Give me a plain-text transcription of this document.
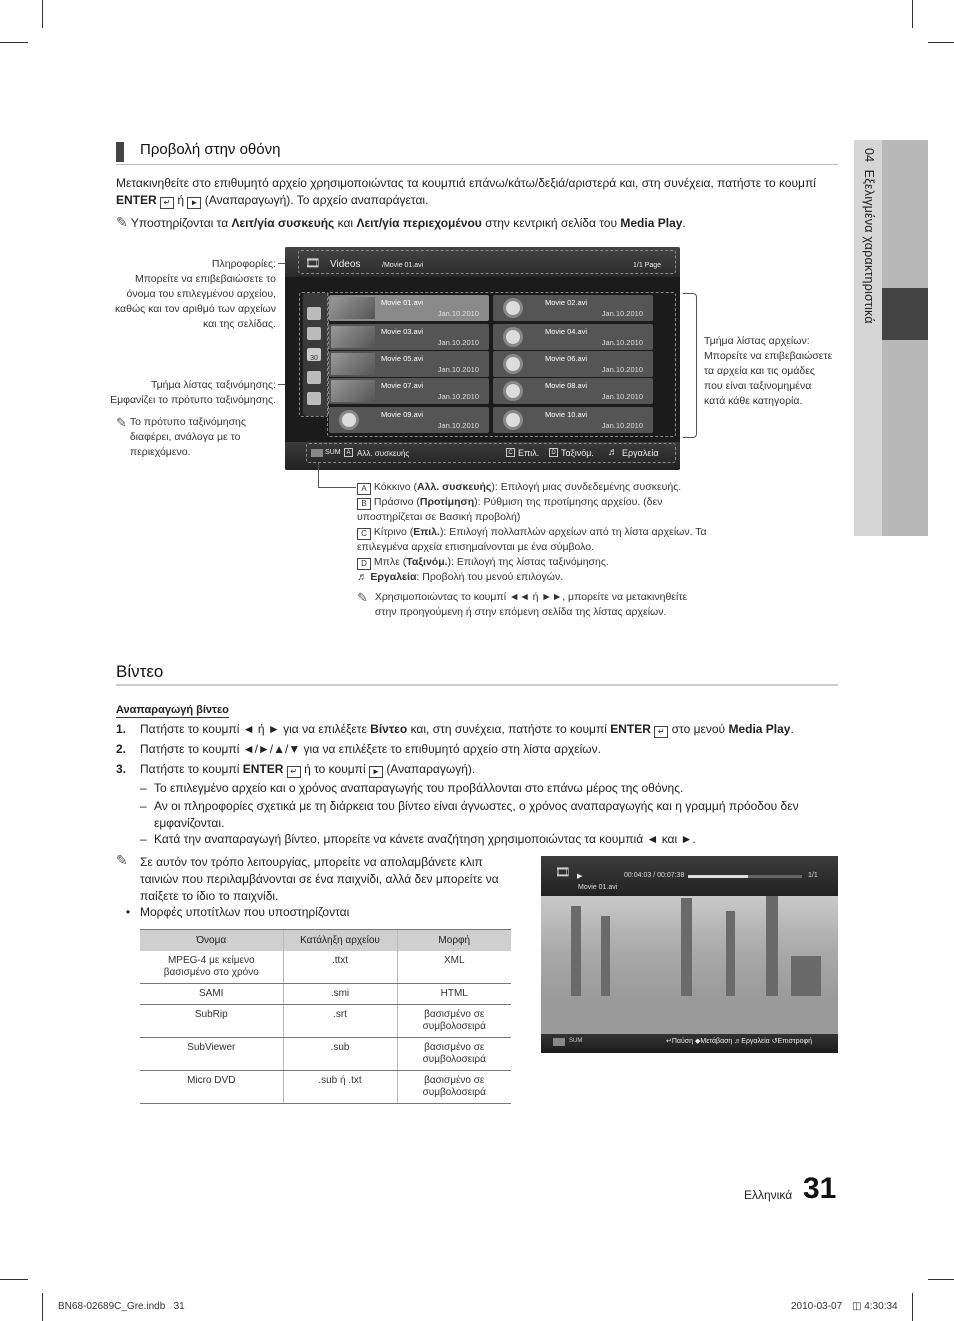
04  Εξελιγμένα χαρακτηριστικά
Προβολή στην οθόνη
Μετακινηθείτε στο επιθυμητό αρχείο χρησιμοποιώντας τα κουμπιά επάνω/κάτω/δεξιά/αριστερά και, στη συνέχεια, πατήστε το κουμπί
ENTER ↵ ή ► (Αναπαραγωγή). Το αρχείο αναπαράγεται.
✎ Υποστηρίζονται τα Λειτ/γία συσκευής και Λειτ/γία περιεχομένου στην κεντρική σελίδα του Media Play.
Πληροφορίες:
Μπορείτε να επιβεβαιώσετε το όνομα του επιλεγμένου αρχείου, καθώς και τον αριθμό των αρχείων και της σελίδας.
Τμήμα λίστας ταξινόμησης:
Εμφανίζει το πρότυπο ταξινόμησης.
✎ Το πρότυπο ταξινόμησης διαφέρει, ανάλογα με το περιεχόμενο.
Τμήμα λίστας αρχείων:
Μπορείτε να επιβεβαιώσετε τα αρχεία και τις ομάδες που είναι ταξινομημένα κατά κάθε κατηγορία.
🎞 Videos	/Movie 01.avi	1/1 Page
30
Movie 01.avi
Jan.10.2010
Movie 02.avi
Jan.10.2010
Movie 03.avi
Jan.10.2010
Movie 04.avi
Jan.10.2010
Movie 05.avi
Jan.10.2010
Movie 06.avi
Jan.10.2010
Movie 07.avi
Jan.10.2010
Movie 08.avi
Jan.10.2010
Movie 09.avi
Jan.10.2010
Movie 10.avi
Jan.10.2010
SUM A Αλλ. συσκευής	C Επιλ.	D Ταξινόμ. ♬ Εργαλεία
A Κόκκινο (Αλλ. συσκευής): Επιλογή μιας συνδεδεμένης συσκευής.
B Πράσινο (Προτίμηση): Ρύθμιση της προτίμησης αρχείου. (δεν υποστηρίζεται σε Βασική προβολή)
C Κίτρινο (Επιλ.): Επιλογή πολλαπλών αρχείων από τη λίστα αρχείων. Τα επιλεγμένα αρχεία επισημαίνονται με ένα σύμβολο.
D Μπλε (Ταξινόμ.): Επιλογή της λίστας ταξινόμησης.
♬ Εργαλεία: Προβολή του μενού επιλογών.
✎ Χρησιμοποιώντας το κουμπί ◄◄ ή ►►, μπορείτε να μετακινηθείτε στην προηγούμενη ή στην επόμενη σελίδα της λίστας αρχείων.
Βίντεο
Αναπαραγωγή βίντεο
1. Πατήστε το κουμπί ◄ ή ► για να επιλέξετε Βίντεο και, στη συνέχεια, πατήστε το κουμπί ENTER ↵ στο μενού Media Play.
2. Πατήστε το κουμπί ◄/►/▲/▼ για να επιλέξετε το επιθυμητό αρχείο στη λίστα αρχείων.
3. Πατήστε το κουμπί ENTER ↵ ή το κουμπί ► (Αναπαραγωγή).
– Το επιλεγμένο αρχείο και ο χρόνος αναπαραγωγής του προβάλλονται στο επάνω μέρος της οθόνης.
– Αν οι πληροφορίες σχετικά με τη διάρκεια του βίντεο είναι άγνωστες, ο χρόνος αναπαραγωγής και η γραμμή πρόοδου δεν εμφανίζονται.
– Κατά την αναπαραγωγή βίντεο, μπορείτε να κάνετε αναζήτηση χρησιμοποιώντας τα κουμπιά ◄ και ►.
✎ Σε αυτόν τον τρόπο λειτουργίας, μπορείτε να απολαμβάνετε κλιπ ταινιών που περιλαμβάνονται σε ένα παιχνίδι, αλλά δεν μπορείτε να παίξετε το ίδιο το παιχνίδι.
• Μορφές υποτίτλων που υποστηρίζονται
Όνομα	Κατάληξη αρχείου	Μορφή
MPEG-4 με κείμενο βασισμένο στο χρόνο	.ttxt	XML
SAMI	.smi	HTML
SubRip	.srt	βασισμένο σε συμβολοσειρά
SubViewer	.sub	βασισμένο σε συμβολοσειρά
Micro DVD	.sub ή .txt	βασισμένο σε συμβολοσειρά
🎞 ▶	00:04:03 / 00:07:38	1/1
Movie 01.avi
SUM	↵Παύση ◆Μετάβαση ♬Εργαλεία ↺Επιστροφή
Ελληνικά 31
BN68-02689C_Gre.indb   31	2010-03-07 ◫ 4:30:34
